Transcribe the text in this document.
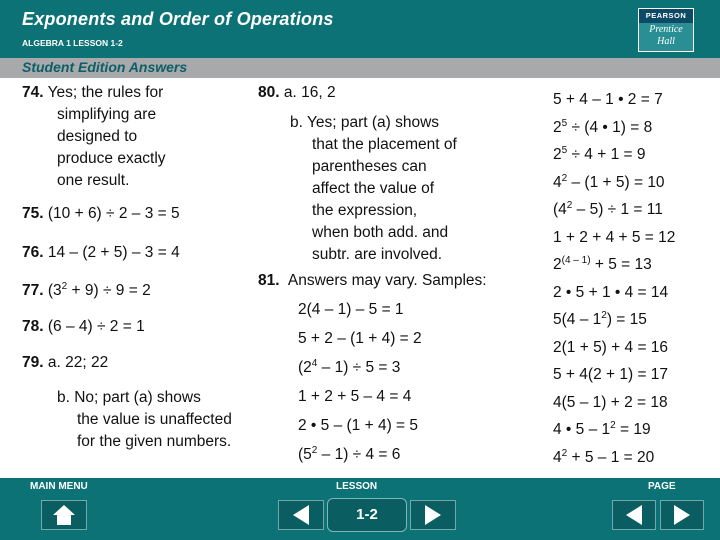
Exponents and Order of Operations
ALGEBRA 1 LESSON 1-2
PEARSON
Prentice
Hall
Student Edition Answers
74. Yes; the rules for
simplifying are
designed to
produce exactly
one result.
75. (10 + 6) ÷ 2 – 3 = 5
76. 14 – (2 + 5) – 3 = 4
77. $(3^2 + 9) \div 9 = 2$
78. (6 – 4) ÷ 2 = 1
79. a. 22; 22
b. No; part (a) shows
the value is unaffected
for the given numbers.
80. a. 16, 2
b. Yes; part (a) shows
that the placement of
parentheses can
affect the value of
the expression,
when both add. and
subtr. are involved.
81. Answers may vary. Samples:
2(4 – 1) – 5 = 1
5 + 2 – (1 + 4) = 2
$(2^4 - 1) \div 5 = 3$
1 + 2 + 5 – 4 = 4
2 • 5 – (1 + 4) = 5
$(5^2 - 1) \div 4 = 6$
5 + 4 – 1 • 2 = 7
$2^5 \div (4$ • 1) = 8
$2^5 \div 4 + 1 = 9$
$4^2 - (1 + 5) = 10$
$(4^2 - 5) \div 1 = 11$
1 + 2 + 4 + 5 = 12
$2^{(4 - 1)} + 5 = 13$
2 • 5 + 1 • 4 = 14
$5(4 - 1^2) = 15$
2(1 + 5) + 4 = 16
5 + 4(2 + 1) = 17
4(5 – 1) + 2 = 18
4 • $5 - 1^2 = 19$
$4^2 + 5 - 1 = 20$
MAIN MENU	LESSON	PAGE
1-2
